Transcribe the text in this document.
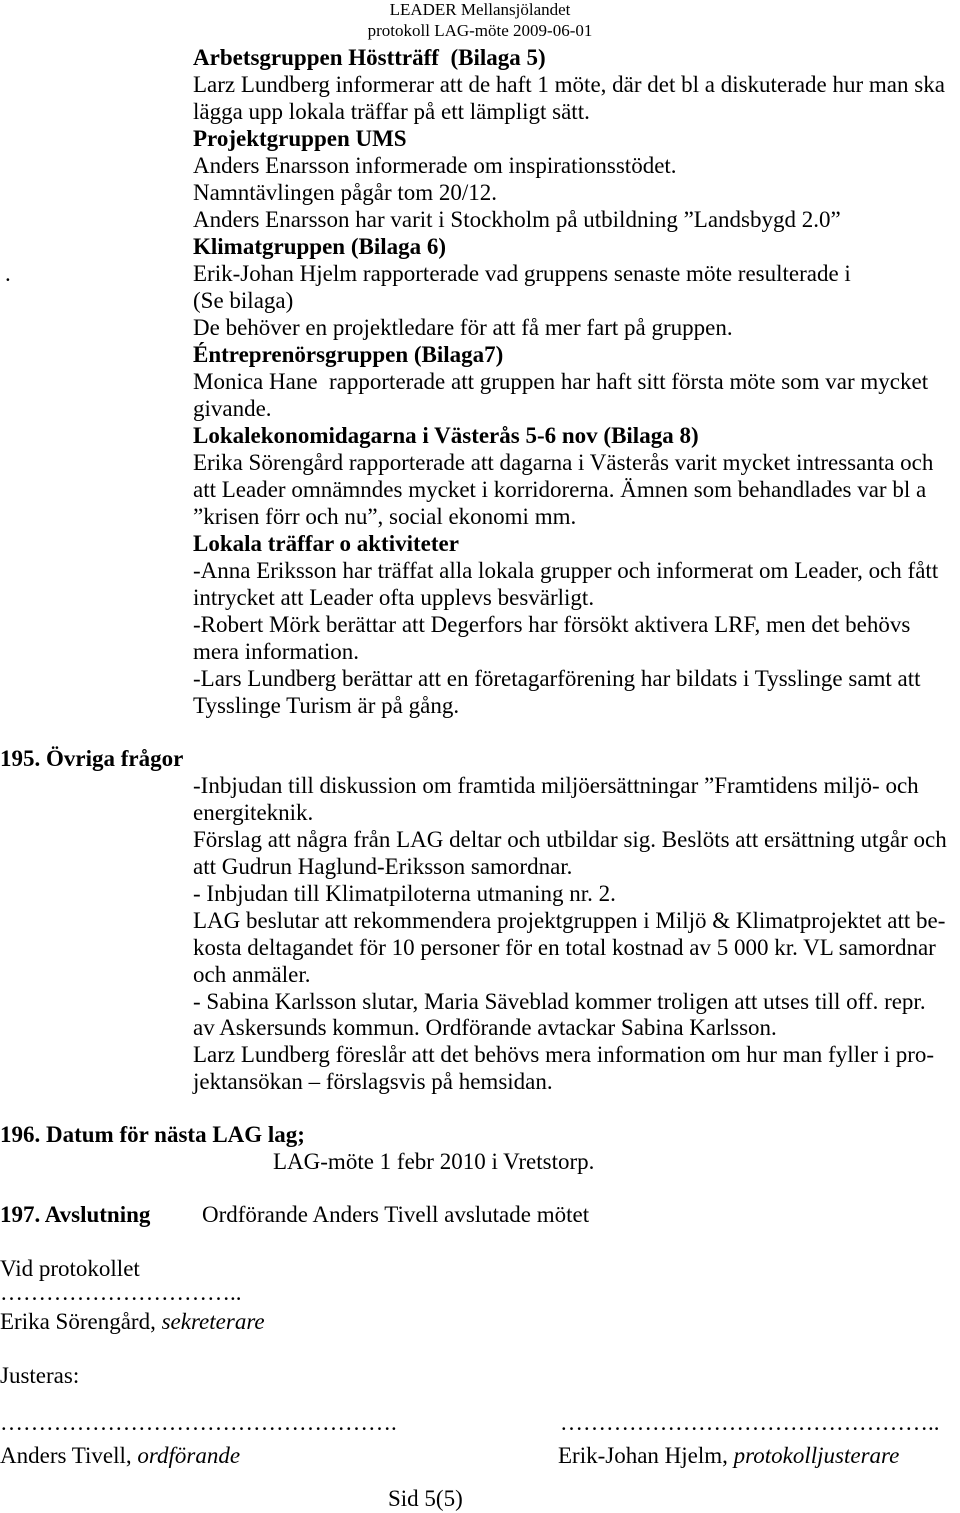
LEADER Mellansjölandet
protokoll LAG-möte 2009-06-01
Arbetsgruppen Höstträff  (Bilaga 5)
Larz Lundberg informerar att de haft 1 möte, där det bl a diskuterade hur man ska
lägga upp lokala träffar på ett lämpligt sätt.
Projektgruppen UMS
Anders Enarsson informerade om inspirationsstödet.
Namntävlingen pågår tom 20/12.
Anders Enarsson har varit i Stockholm på utbildning ”Landsbygd 2.0”
Klimatgruppen (Bilaga 6)
.	Erik-Johan Hjelm rapporterade vad gruppens senaste möte resulterade i
(Se bilaga)
De behöver en projektledare för att få mer fart på gruppen.
Éntreprenörsgruppen (Bilaga7)
Monica Hane  rapporterade att gruppen har haft sitt första möte som var mycket
givande.
Lokalekonomidagarna i Västerås 5-6 nov (Bilaga 8)
Erika Sörengård rapporterade att dagarna i Västerås varit mycket intressanta och
att Leader omnämndes mycket i korridorerna. Ämnen som behandlades var bl a
”krisen förr och nu”, social ekonomi mm.
Lokala träffar o aktiviteter
-Anna Eriksson har träffat alla lokala grupper och informerat om Leader, och fått
intrycket att Leader ofta upplevs besvärligt.
-Robert Mörk berättar att Degerfors har försökt aktivera LRF, men det behövs
mera information.
-Lars Lundberg berättar att en företagarförening har bildats i Tysslinge samt att
Tysslinge Turism är på gång.
195. Övriga frågor
-Inbjudan till diskussion om framtida miljöersättningar ”Framtidens miljö- och
energiteknik.
Förslag att några från LAG deltar och utbildar sig. Beslöts att ersättning utgår och
att Gudrun Haglund-Eriksson samordnar.
- Inbjudan till Klimatpiloterna utmaning nr. 2.
LAG beslutar att rekommendera projektgruppen i Miljö & Klimatprojektet att be-
kosta deltagandet för 10 personer för en total kostnad av 5 000 kr. VL samordnar
och anmäler.
- Sabina Karlsson slutar, Maria Säveblad kommer troligen att utses till off. repr.
av Askersunds kommun. Ordförande avtackar Sabina Karlsson.
Larz Lundberg föreslår att det behövs mera information om hur man fyller i pro-
jektansökan – förslagsvis på hemsidan.
196. Datum för nästa LAG lag;
LAG-möte 1 febr 2010 i Vretstorp.
197. Avslutning Ordförande Anders Tivell avslutade mötet
Vid protokollet
…………………………..
Erika Sörengård, sekreterare
Justeras:
…………………………………………….	…………………………………………..
Anders Tivell, ordförande	Erik-Johan Hjelm, protokolljusterare
Sid 5(5)
